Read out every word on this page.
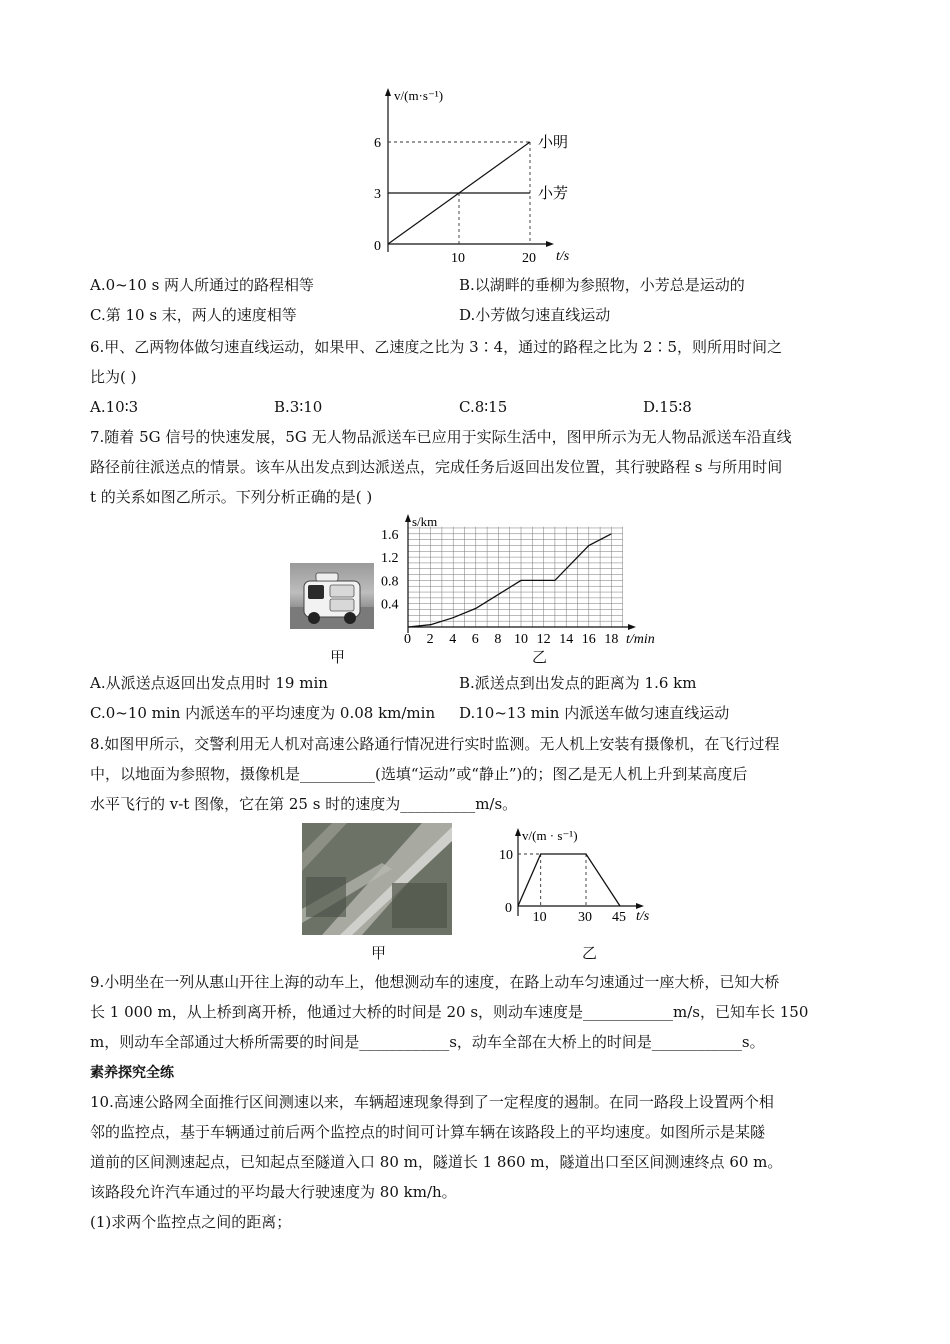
小明
小芳
10	20
3
6
v/(m·s⁻¹)
t/s
0
A.0~10 s 两人所通过的路程相等	B.以湖畔的垂柳为参照物，小芳总是运动的
C.第 10 s 末，两人的速度相等	D.小芳做匀速直线运动
6.甲、乙两物体做匀速直线运动，如果甲、乙速度之比为 3∶4，通过的路程之比为 2∶5，则所用时间之
比为( )
A.10∶3	B.3∶10	C.8∶15	D.15∶8
7.随着 5G 信号的快速发展，5G 无人物品派送车已应用于实际生活中，图甲所示为无人物品派送车沿直线
路径前往派送点的情景。该车从出发点到达派送点，完成任务后返回出发位置，其行驶路程 s 与所用时间
t 的关系如图乙所示。下列分析正确的是( )
0 2 4 6 8 10 12 14 16 18
0.4
0.8
1.2
1.6
s/km
t/min
甲	乙
A.从派送点返回出发点用时 19 min	B.派送点到出发点的距离为 1.6 km
C.0~10 min 内派送车的平均速度为 0.08 km/min D.10~13 min 内派送车做匀速直线运动
8.如图甲所示，交警利用无人机对高速公路通行情况进行实时监测。无人机上安装有摄像机，在飞行过程
中，以地面为参照物，摄像机是__________(选填“运动”或“静止”)的；图乙是无人机上升到某高度后
水平飞行的 v-t 图像，它在第 25 s 时的速度为__________m/s。
10 30 45
10
v/(m · s⁻¹)
t/s
0
甲	乙
9.小明坐在一列从惠山开往上海的动车上，他想测动车的速度，在路上动车匀速通过一座大桥，已知大桥
长 1 000 m，从上桥到离开桥，他通过大桥的时间是 20 s，则动车速度是____________m/s，已知车长 150
m，则动车全部通过大桥所需要的时间是____________s，动车全部在大桥上的时间是____________s。
素养探究全练
10.高速公路网全面推行区间测速以来，车辆超速现象得到了一定程度的遏制。在同一路段上设置两个相
邻的监控点，基于车辆通过前后两个监控点的时间可计算车辆在该路段上的平均速度。如图所示是某隧
道前的区间测速起点，已知起点至隧道入口 80 m，隧道长 1 860 m，隧道出口至区间测速终点 60 m。
该路段允许汽车通过的平均最大行驶速度为 80 km/h。
(1)求两个监控点之间的距离；
